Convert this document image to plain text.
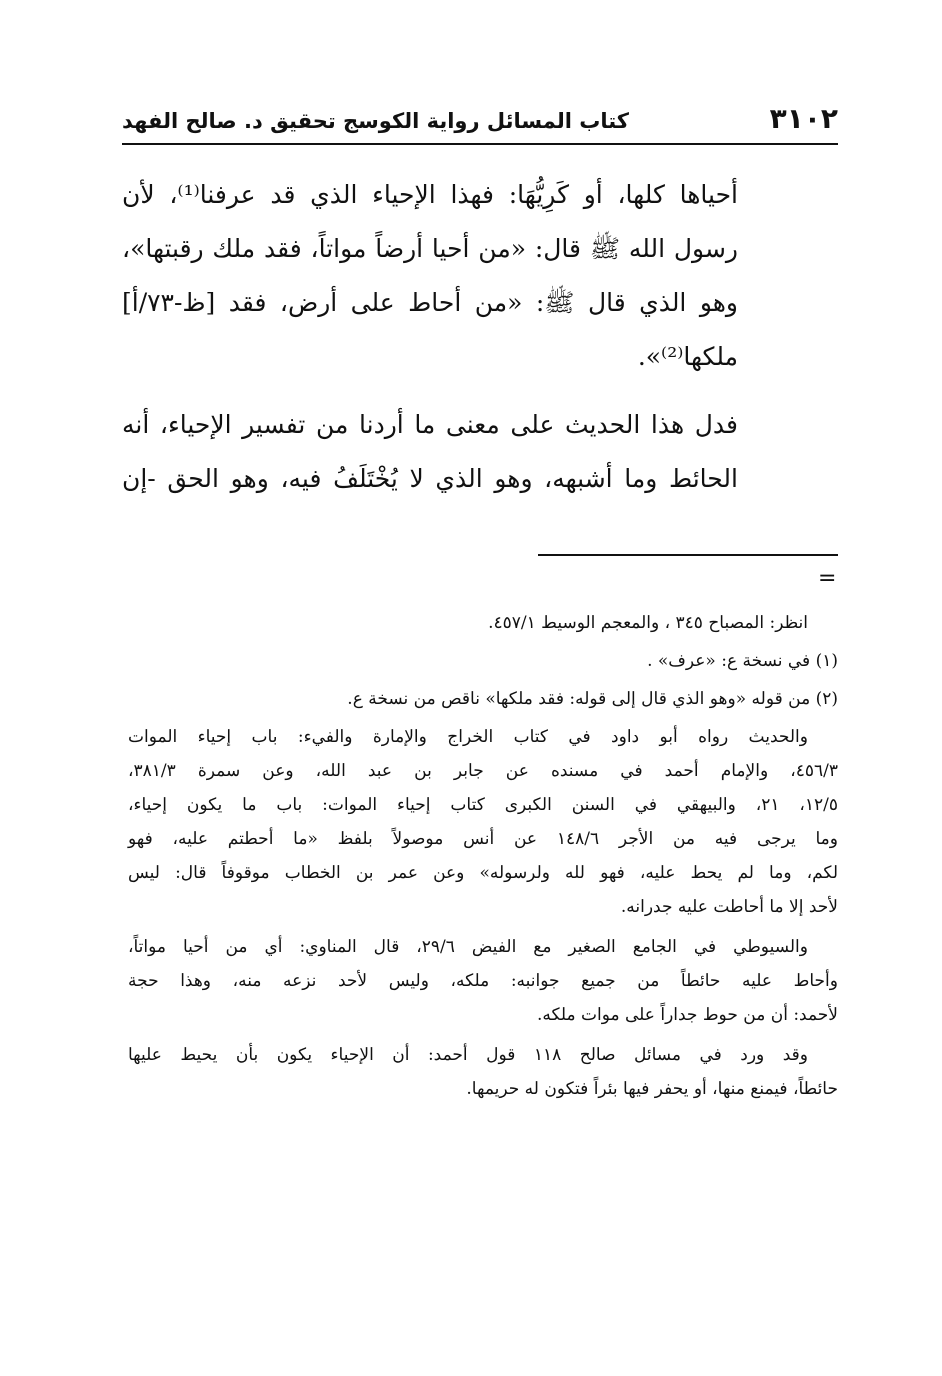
٣١٠٢
كتاب المسائل رواية الكوسج تحقيق د. صالح الفهد
أحياها كلها، أو كَرِيُّهَا: فهذا الإحياء الذي قد عرفنا⁽¹⁾، لأن
رسول الله ﷺ قال: «من أحيا أرضاً مواتاً، فقد ملك رقبتها»،
وهو الذي قال ﷺ: «من أحاط على أرض، فقد [ظ-٧٣/أ]
ملكها⁽²⁾».
فدل هذا الحديث على معنى ما أردنا من تفسير الإحياء، أنه
الحائط وما أشبهه، وهو الذي لا يُخْتَلَفُ فيه، وهو الحق -إن
=
انظر: المصباح ٣٤٥ ، والمعجم الوسيط ٤٥٧/١.
(١) في نسخة ع: «عرف» .
(٢) من قوله «وهو الذي قال إلى قوله: فقد ملكها» ناقص من نسخة ع.
والحديث رواه أبو داود في كتاب الخراج والإمارة والفيء: باب إحياء الموات
٤٥٦/٣، والإمام أحمد في مسنده عن جابر بن عبد الله، وعن سمرة ٣٨١/٣،
١٢/٥، ٢١، والبيهقي في السنن الكبرى كتاب إحياء الموات: باب ما يكون إحياء،
وما يرجى فيه من الأجر ١٤٨/٦ عن أنس موصولاً بلفظ «ما أحطتم عليه، فهو
لكم، وما لم يحط عليه، فهو لله ولرسوله» وعن عمر بن الخطاب موقوفاً قال: ليس
لأحد إلا ما أحاطت عليه جدرانه.
والسيوطي في الجامع الصغير مع الفيض ٢٩/٦، قال المناوي: أي من أحيا مواتاً،
وأحاط عليه حائطاً من جميع جوانبه: ملكه، وليس لأحد نزعه منه، وهذا حجة
لأحمد: أن من حوط جداراً على موات ملكه.
وقد ورد في مسائل صالح ١١٨ قول أحمد: أن الإحياء يكون بأن يحيط عليها
حائطاً، فيمنع منها، أو يحفر فيها بئراً فتكون له حريمها.
